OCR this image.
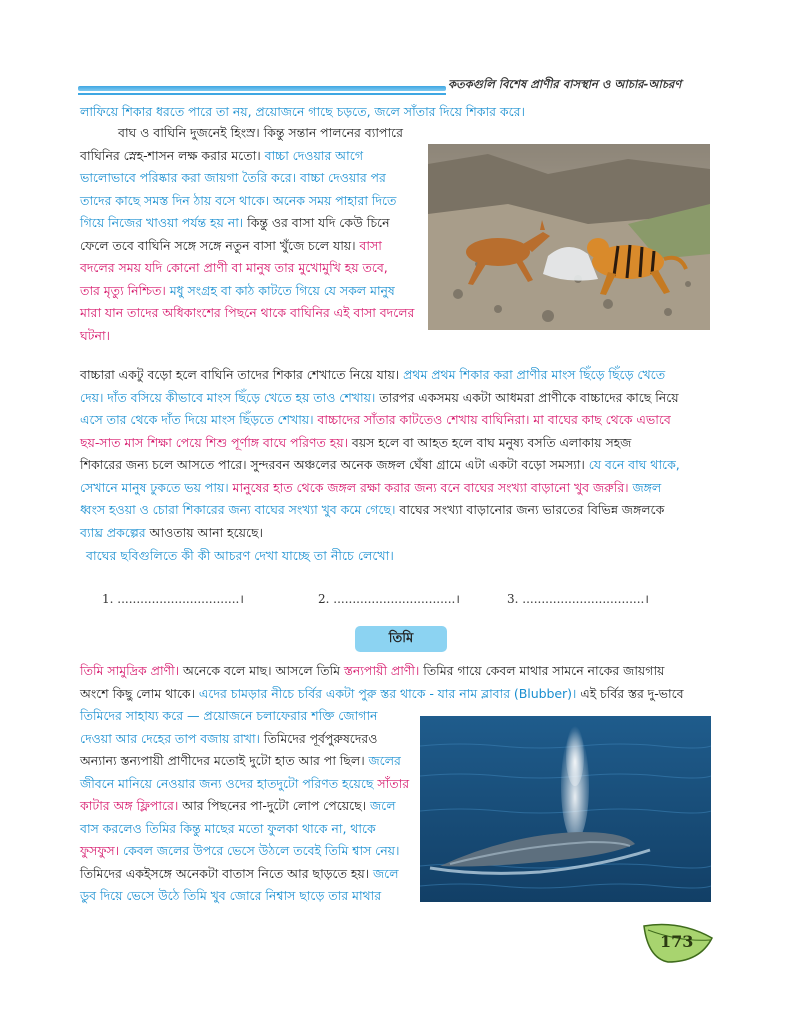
কতকগুলি বিশেষ প্রাণীর বাসস্থান ও আচার-আচরণ
লাফিয়ে শিকার ধরতে পারে তা নয়, প্রয়োজনে গাছে চড়তে, জলে সাঁতার দিয়ে শিকার করে।
বাঘ ও বাঘিনি দুজনেই হিংস্র। কিন্তু সন্তান পালনের ব্যাপারে
বাঘিনির স্নেহ-শাসন লক্ষ করার মতো। বাচ্চা দেওয়ার আগে
ভালোভাবে পরিষ্কার করা জায়গা তৈরি করে। বাচ্চা দেওয়ার পর
তাদের কাছে সমস্ত দিন ঠায় বসে থাকে। অনেক সময় পাহারা দিতে
গিয়ে নিজের খাওয়া পর্যন্ত হয় না। কিন্তু ওর বাসা যদি কেউ চিনে
ফেলে তবে বাঘিনি সঙ্গে সঙ্গে নতুন বাসা খুঁজে চলে যায়। বাসা
বদলের সময় যদি কোনো প্রাণী বা মানুষ তার মুখোমুখি হয় তবে,
তার মৃত্যু নিশ্চিত। মধু সংগ্রহ বা কাঠ কাটতে গিয়ে যে সকল মানুষ
মারা যান তাদের অধিকাংশের পিছনে থাকে বাঘিনির এই বাসা বদলের
ঘটনা।
বাচ্চারা একটু বড়ো হলে বাঘিনি তাদের শিকার শেখাতে নিয়ে যায়। প্রথম প্রথম শিকার করা প্রাণীর মাংস ছিঁড়ে ছিঁড়ে খেতে
দেয়। দাঁত বসিয়ে কীভাবে মাংস ছিঁড়ে খেতে হয় তাও শেখায়। তারপর একসময় একটা আধমরা প্রাণীকে বাচ্চাদের কাছে নিয়ে
এসে তার থেকে দাঁত দিয়ে মাংস ছিঁড়তে শেখায়। বাচ্চাদের সাঁতার কাটতেও শেখায় বাঘিনিরা। মা বাঘের কাছ থেকে এভাবে
ছয়-সাত মাস শিক্ষা পেয়ে শিশু পূর্ণাঙ্গ বাঘে পরিণত হয়। বয়স হলে বা আহত হলে বাঘ মনুষ্য বসতি এলাকায় সহজ
শিকারের জন্য চলে আসতে পারে। সুন্দরবন অঞ্চলের অনেক জঙ্গল ঘেঁষা গ্রামে এটা একটা বড়ো সমস্যা। যে বনে বাঘ থাকে,
সেখানে মানুষ ঢুকতে ভয় পায়। মানুষের হাত থেকে জঙ্গল রক্ষা করার জন্য বনে বাঘের সংখ্যা বাড়ানো খুব জরুরি। জঙ্গল
ধ্বংস হওয়া ও চোরা শিকারের জন্য বাঘের সংখ্যা খুব কমে গেছে। বাঘের সংখ্যা বাড়ানোর জন্য ভারতের বিভিন্ন জঙ্গলকে
ব্যাঘ্র প্রকল্পের আওতায় আনা হয়েছে।
বাঘের ছবিগুলিতে কী কী আচরণ দেখা যাচ্ছে তা নীচে লেখো।
1. ................................।	2. ................................।	3. ................................।
তিমি
তিমি সামুদ্রিক প্রাণী। অনেকে বলে মাছ। আসলে তিমি স্তন্যপায়ী প্রাণী। তিমির গায়ে কেবল মাথার সামনে নাকের জায়গায়
অংশে কিছু লোম থাকে। এদের চামড়ার নীচে চর্বির একটা পুরু স্তর থাকে - যার নাম ব্লাবার (Blubber)। এই চর্বির স্তর দু-ভাবে
তিমিদের সাহায্য করে — প্রয়োজনে চলাফেরার শক্তি জোগান
দেওয়া আর দেহের তাপ বজায় রাখা। তিমিদের পূর্বপুরুষদেরও
অন্যান্য স্তন্যপায়ী প্রাণীদের মতোই দুটো হাত আর পা ছিল। জলের
জীবনে মানিয়ে নেওয়ার জন্য ওদের হাতদুটো পরিণত হয়েছে সাঁতার
কাটার অঙ্গ ফ্লিপারে। আর পিছনের পা-দুটো লোপ পেয়েছে। জলে
বাস করলেও তিমির কিন্তু মাছের মতো ফুলকা থাকে না, থাকে
ফুসফুস। কেবল জলের উপরে ভেসে উঠলে তবেই তিমি শ্বাস নেয়।
তিমিদের একইসঙ্গে অনেকটা বাতাস নিতে আর ছাড়তে হয়। জলে
ডুব দিয়ে ভেসে উঠে তিমি খুব জোরে নিশ্বাস ছাড়ে তার মাথার
173
